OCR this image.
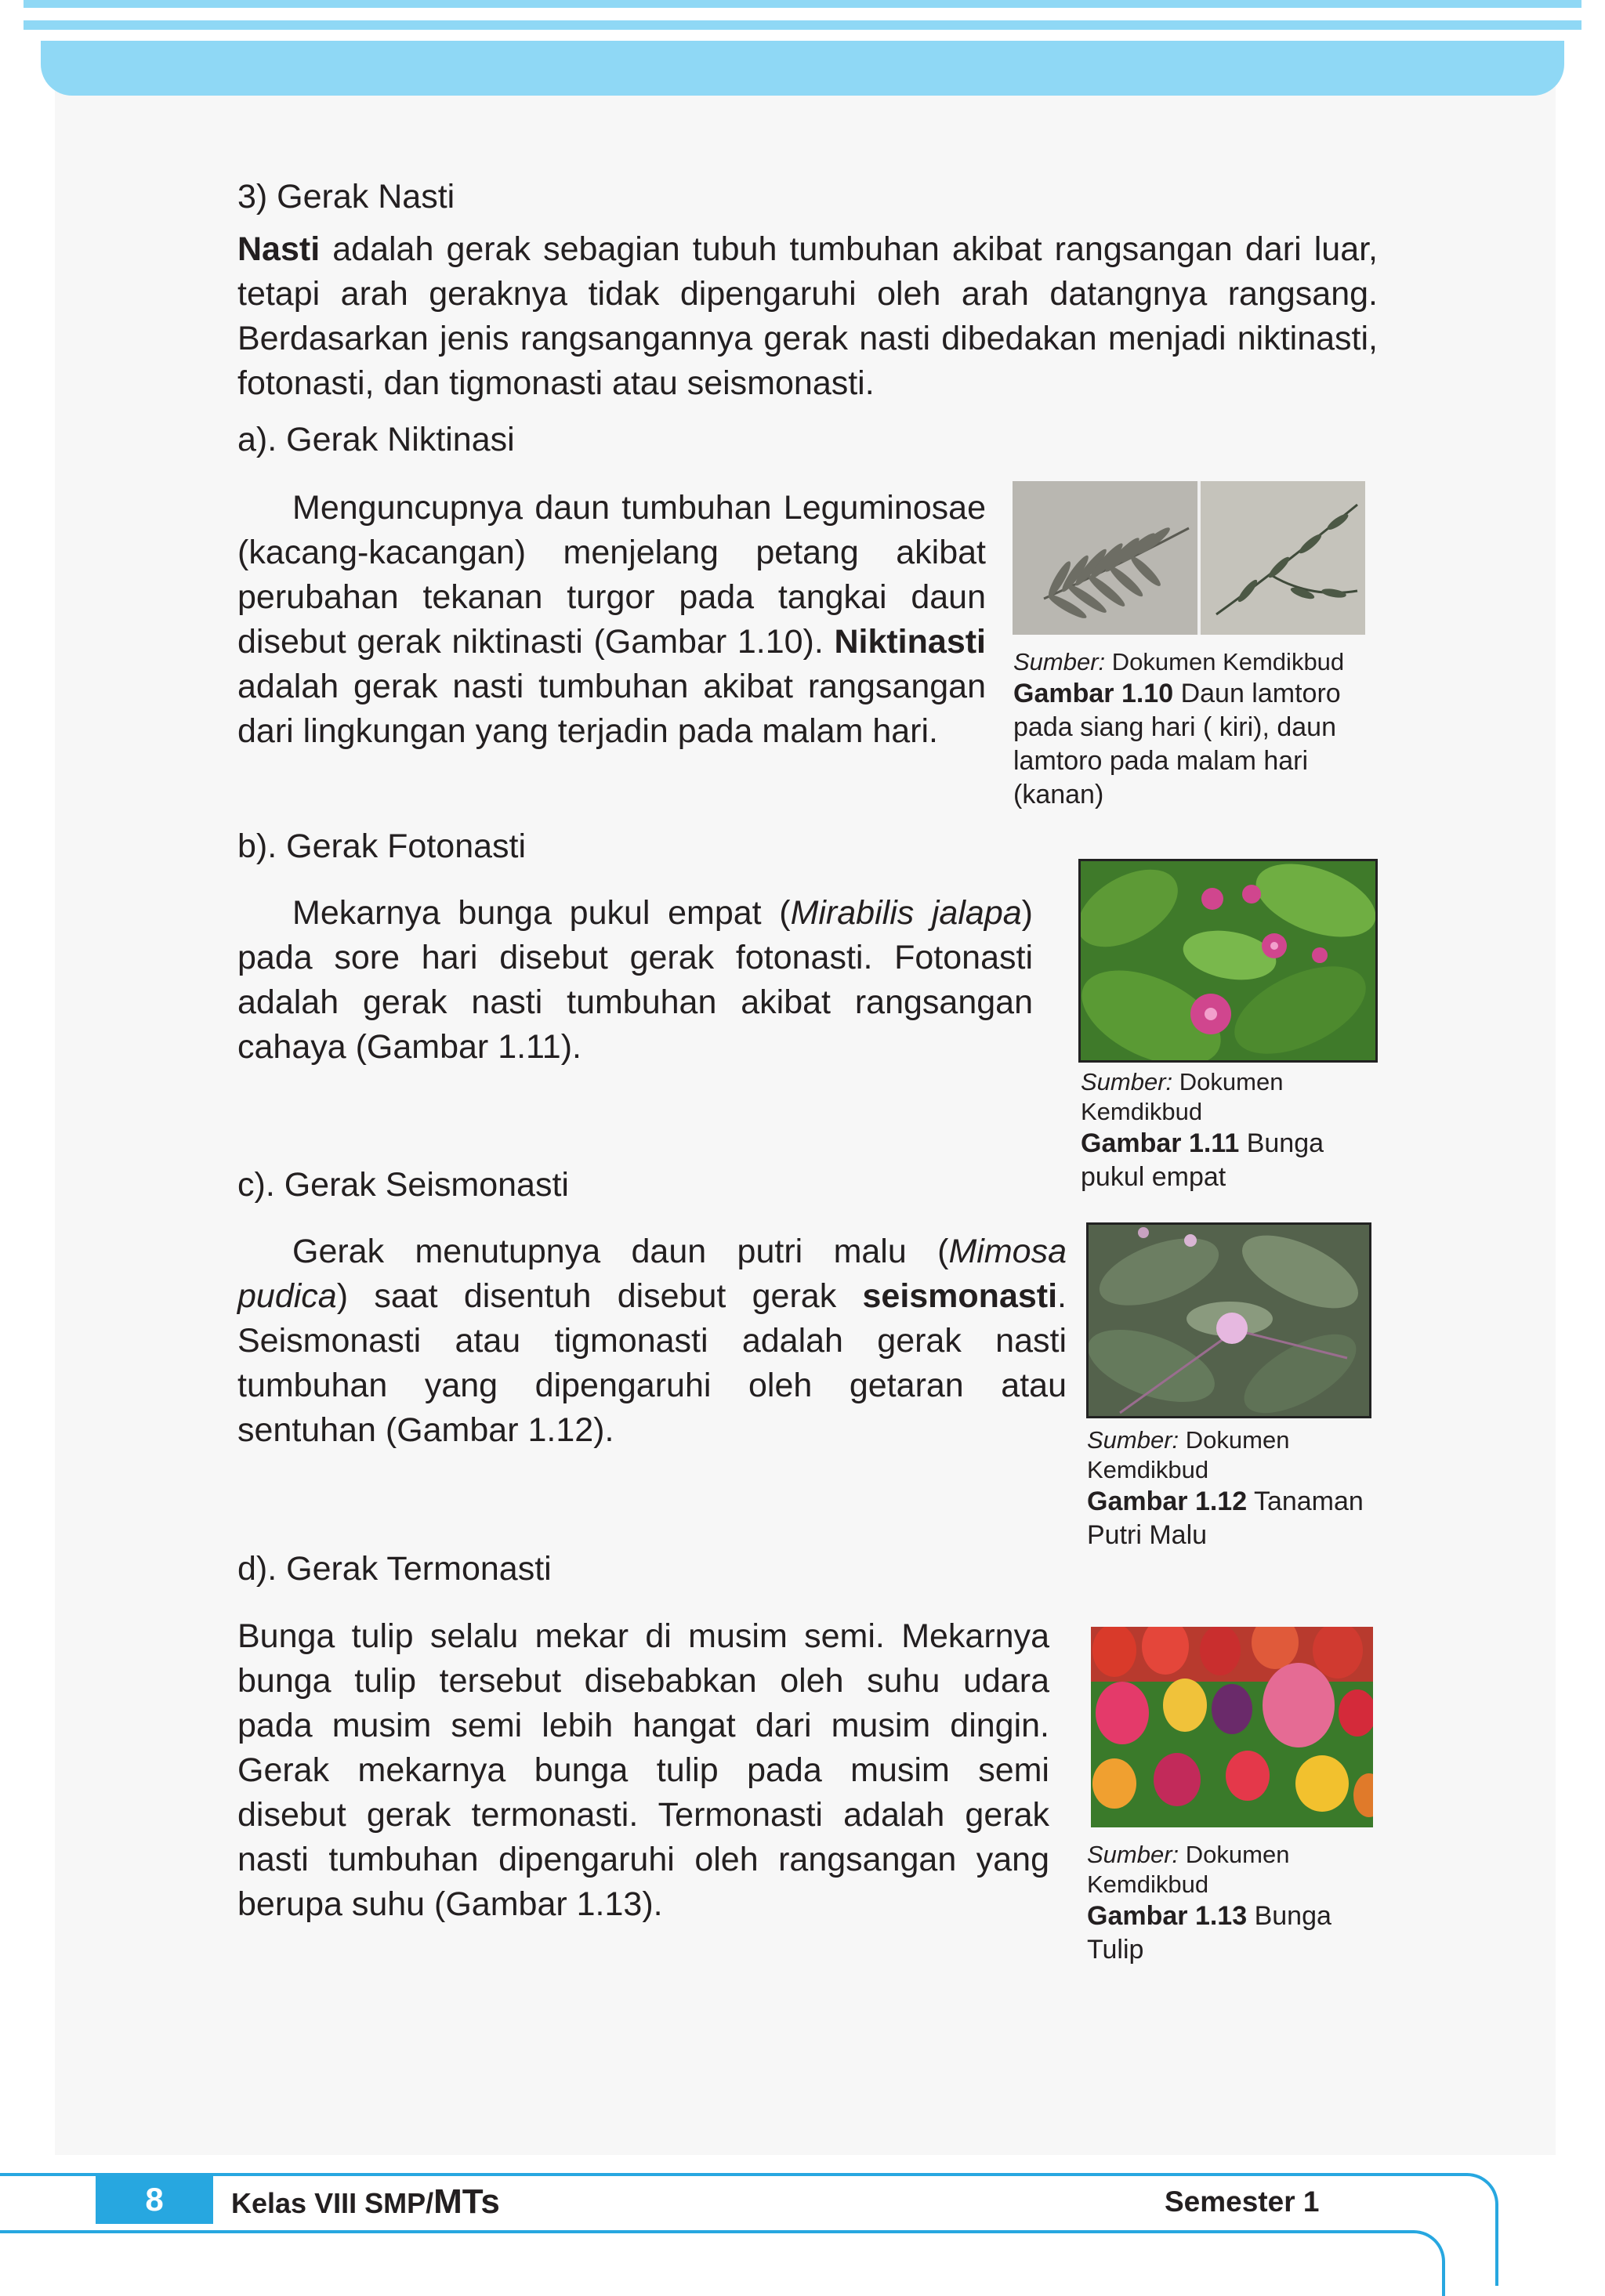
3) Gerak Nasti
Nasti adalah gerak sebagian tubuh tumbuhan akibat rangsangan dari luar, tetapi arah geraknya tidak dipengaruhi oleh arah datangnya rangsang. Berdasarkan jenis rangsangannya gerak nasti dibedakan menjadi niktinasti, fotonasti, dan tigmonasti atau seismonasti.
a). Gerak Niktinasi
Menguncupnya daun tumbuhan Leguminosae (kacang-kacangan) menjelang petang akibat perubahan tekanan turgor pada tangkai daun disebut gerak niktinasti (Gambar 1.10). Niktinasti adalah gerak nasti tumbuhan akibat rangsangan dari lingkungan yang terjadin pada malam hari.
Sumber: Dokumen Kemdikbud
Gambar 1.10 Daun lamtoro pada siang hari ( kiri), daun lamtoro pada malam hari (kanan)
b). Gerak Fotonasti
Mekarnya bunga pukul empat (Mirabilis jalapa) pada sore hari disebut gerak fotonasti. Fotonasti adalah gerak nasti tumbuhan akibat rangsangan cahaya (Gambar 1.11).
Sumber: Dokumen Kemdikbud
Gambar 1.11 Bunga pukul empat
c). Gerak Seismonasti
Gerak menutupnya daun putri malu (Mimosa pudica) saat disentuh disebut gerak seismonasti. Seismonasti atau tigmonasti adalah gerak nasti tumbuhan yang dipengaruhi oleh getaran atau sentuhan (Gambar 1.12).	Sumber: Dokumen Kemdikbud
Gambar 1.12 Tanaman Putri Malu
d). Gerak Termonasti
Bunga tulip selalu mekar di musim semi. Mekarnya bunga tulip tersebut disebabkan oleh suhu udara pada musim semi lebih hangat dari musim dingin. Gerak mekarnya bunga tulip pada musim semi disebut gerak termonasti. Termonasti adalah gerak nasti tumbuhan dipengaruhi oleh rangsangan yang berupa suhu (Gambar 1.13).
Sumber: Dokumen Kemdikbud
Gambar 1.13 Bunga Tulip
8	Kelas VIII SMP/MTs	Semester 1
